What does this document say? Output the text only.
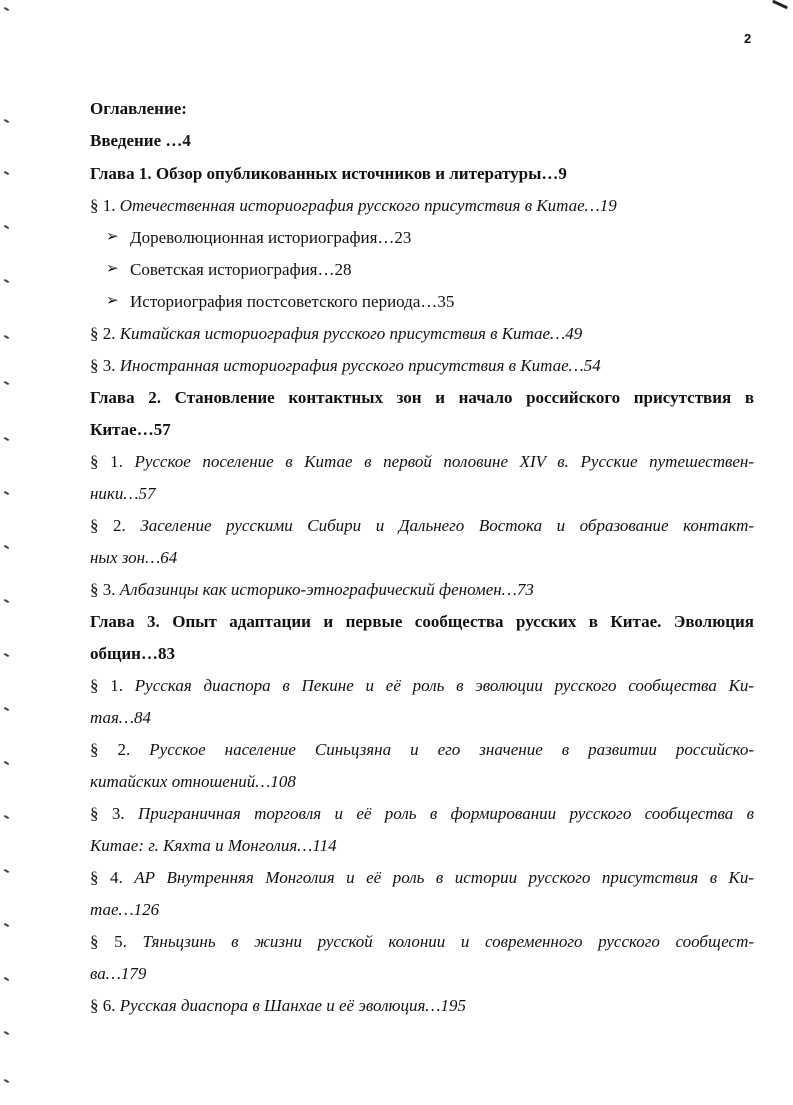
2
Оглавление:
Введение …4
Глава 1. Обзор опубликованных источников и литературы…9
§ 1. Отечественная историография русского присутствия в Китае…19
➢ Дореволюционная историография…23
➢ Советская историография…28
➢ Историография постсоветского периода…35
§ 2. Китайская историография русского присутствия в Китае…49
§ 3. Иностранная историография русского присутствия в Китае…54
Глава 2. Становление контактных зон и начало российского присутствия в
Китае…57
§ 1. Русское поселение в Китае в первой половине XIV в. Русские путешествен-
ники…57
§ 2. Заселение русскими Сибири и Дальнего Востока и образование контакт-
ных зон…64
§ 3. Албазинцы как историко-этнографический феномен…73
Глава 3. Опыт адаптации и первые сообщества русских в Китае. Эволюция
общин…83
§ 1. Русская диаспора в Пекине и её роль в эволюции русского сообщества Ки-
тая…84
§ 2. Русское население Синьцзяна и его значение в развитии российско-
китайских отношений…108
§ 3. Приграничная торговля и её роль в формировании русского сообщества в
Китае: г. Кяхта и Монголия…114
§ 4. АР Внутренняя Монголия и её роль в истории русского присутствия в Ки-
тае…126
§ 5. Тяньцзинь в жизни русской колонии и современного русского сообщест-
ва…179
§ 6. Русская диаспора в Шанхае и её эволюция…195
